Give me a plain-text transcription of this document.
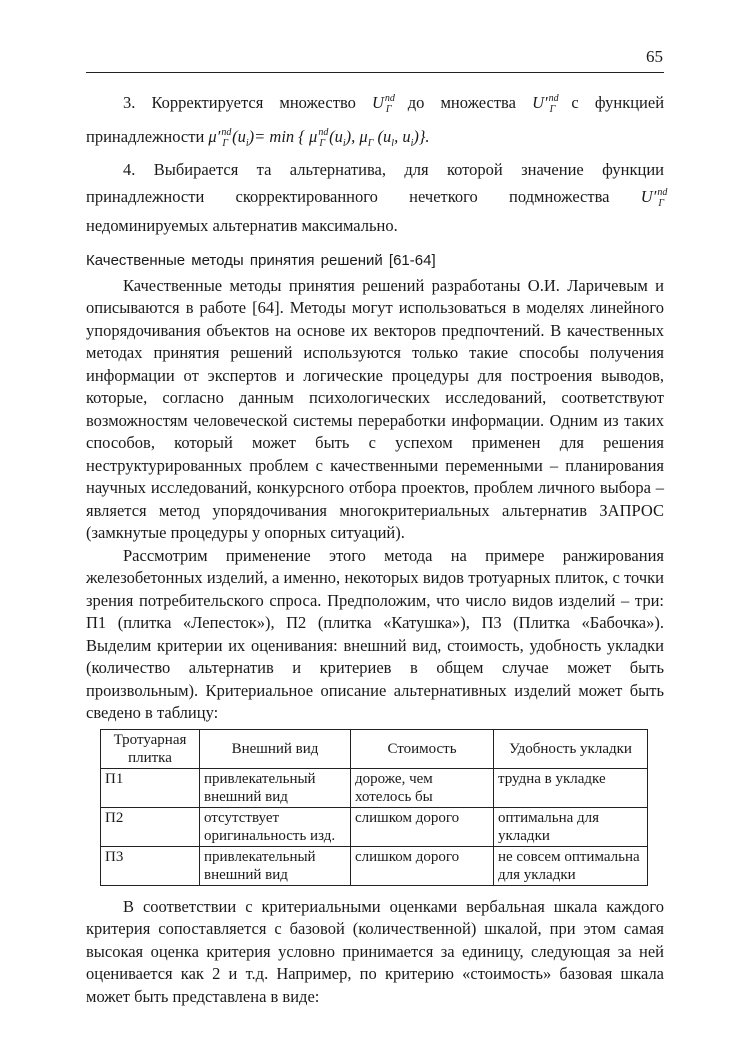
65

3. Корректируется множество $U^{nd}_Г$ до множества $U'^{nd}_Г$ с функцией принадлежности $\mu'^{nd}_Г$ $(u_i)= \min$ { $\mu^{nd}_Г$ $(u_i)$, $\mu_Г$ ($u_l$, $u_i$)}.

4. Выбирается та альтернатива, для которой значение функции принадлежности скорректированного нечеткого подмножества $U'^{nd}_Г$ недоминируемых альтернатив максимально.

Качественные методы принятия решений [61-64]

Качественные методы принятия решений разработаны О.И. Ларичевым и описываются в работе [64]. Методы могут использоваться в моделях линейного упорядочивания объектов на основе их векторов предпочтений. В качественных методах принятия решений используются только такие способы получения информации от экспертов и логические процедуры для построения выводов, которые, согласно данным психологических исследований, соответствуют возможностям человеческой системы переработки информации. Одним из таких способов, который может быть с успехом применен для решения неструктурированных проблем с качественными переменными – планирования научных исследований, конкурсного отбора проектов, проблем личного выбора – является метод упорядочивания многокритериальных альтернатив ЗАПРОС (замкнутые процедуры у опорных ситуаций).

Рассмотрим применение этого метода на примере ранжирования железобетонных изделий, а именно, некоторых видов тротуарных плиток, с точки зрения потребительского спроса. Предположим, что число видов изделий – три: П1 (плитка «Лепесток»), П2 (плитка «Катушка»), П3 (Плитка «Бабочка»). Выделим критерии их оценивания: внешний вид, стоимость, удобность укладки (количество альтернатив и критериев в общем случае может быть произвольным). Критериальное описание альтернативных изделий может быть сведено в таблицу:

Тротуарная плитка	Внешний вид	Стоимость	Удобность укладки
П1	привлекательный внешний вид	дороже, чем хотелось бы	трудна в укладке
П2	отсутствует оригинальность изд.	слишком дорого	оптимальна для укладки
П3	привлекательный внешний вид	слишком дорого	не совсем оптимальна для укладки

В соответствии с критериальными оценками вербальная шкала каждого критерия сопоставляется с базовой (количественной) шкалой, при этом самая высокая оценка критерия условно принимается за единицу, следующая за ней оценивается как 2 и т.д. Например, по критерию «стоимость» базовая шкала может быть представлена в виде:
